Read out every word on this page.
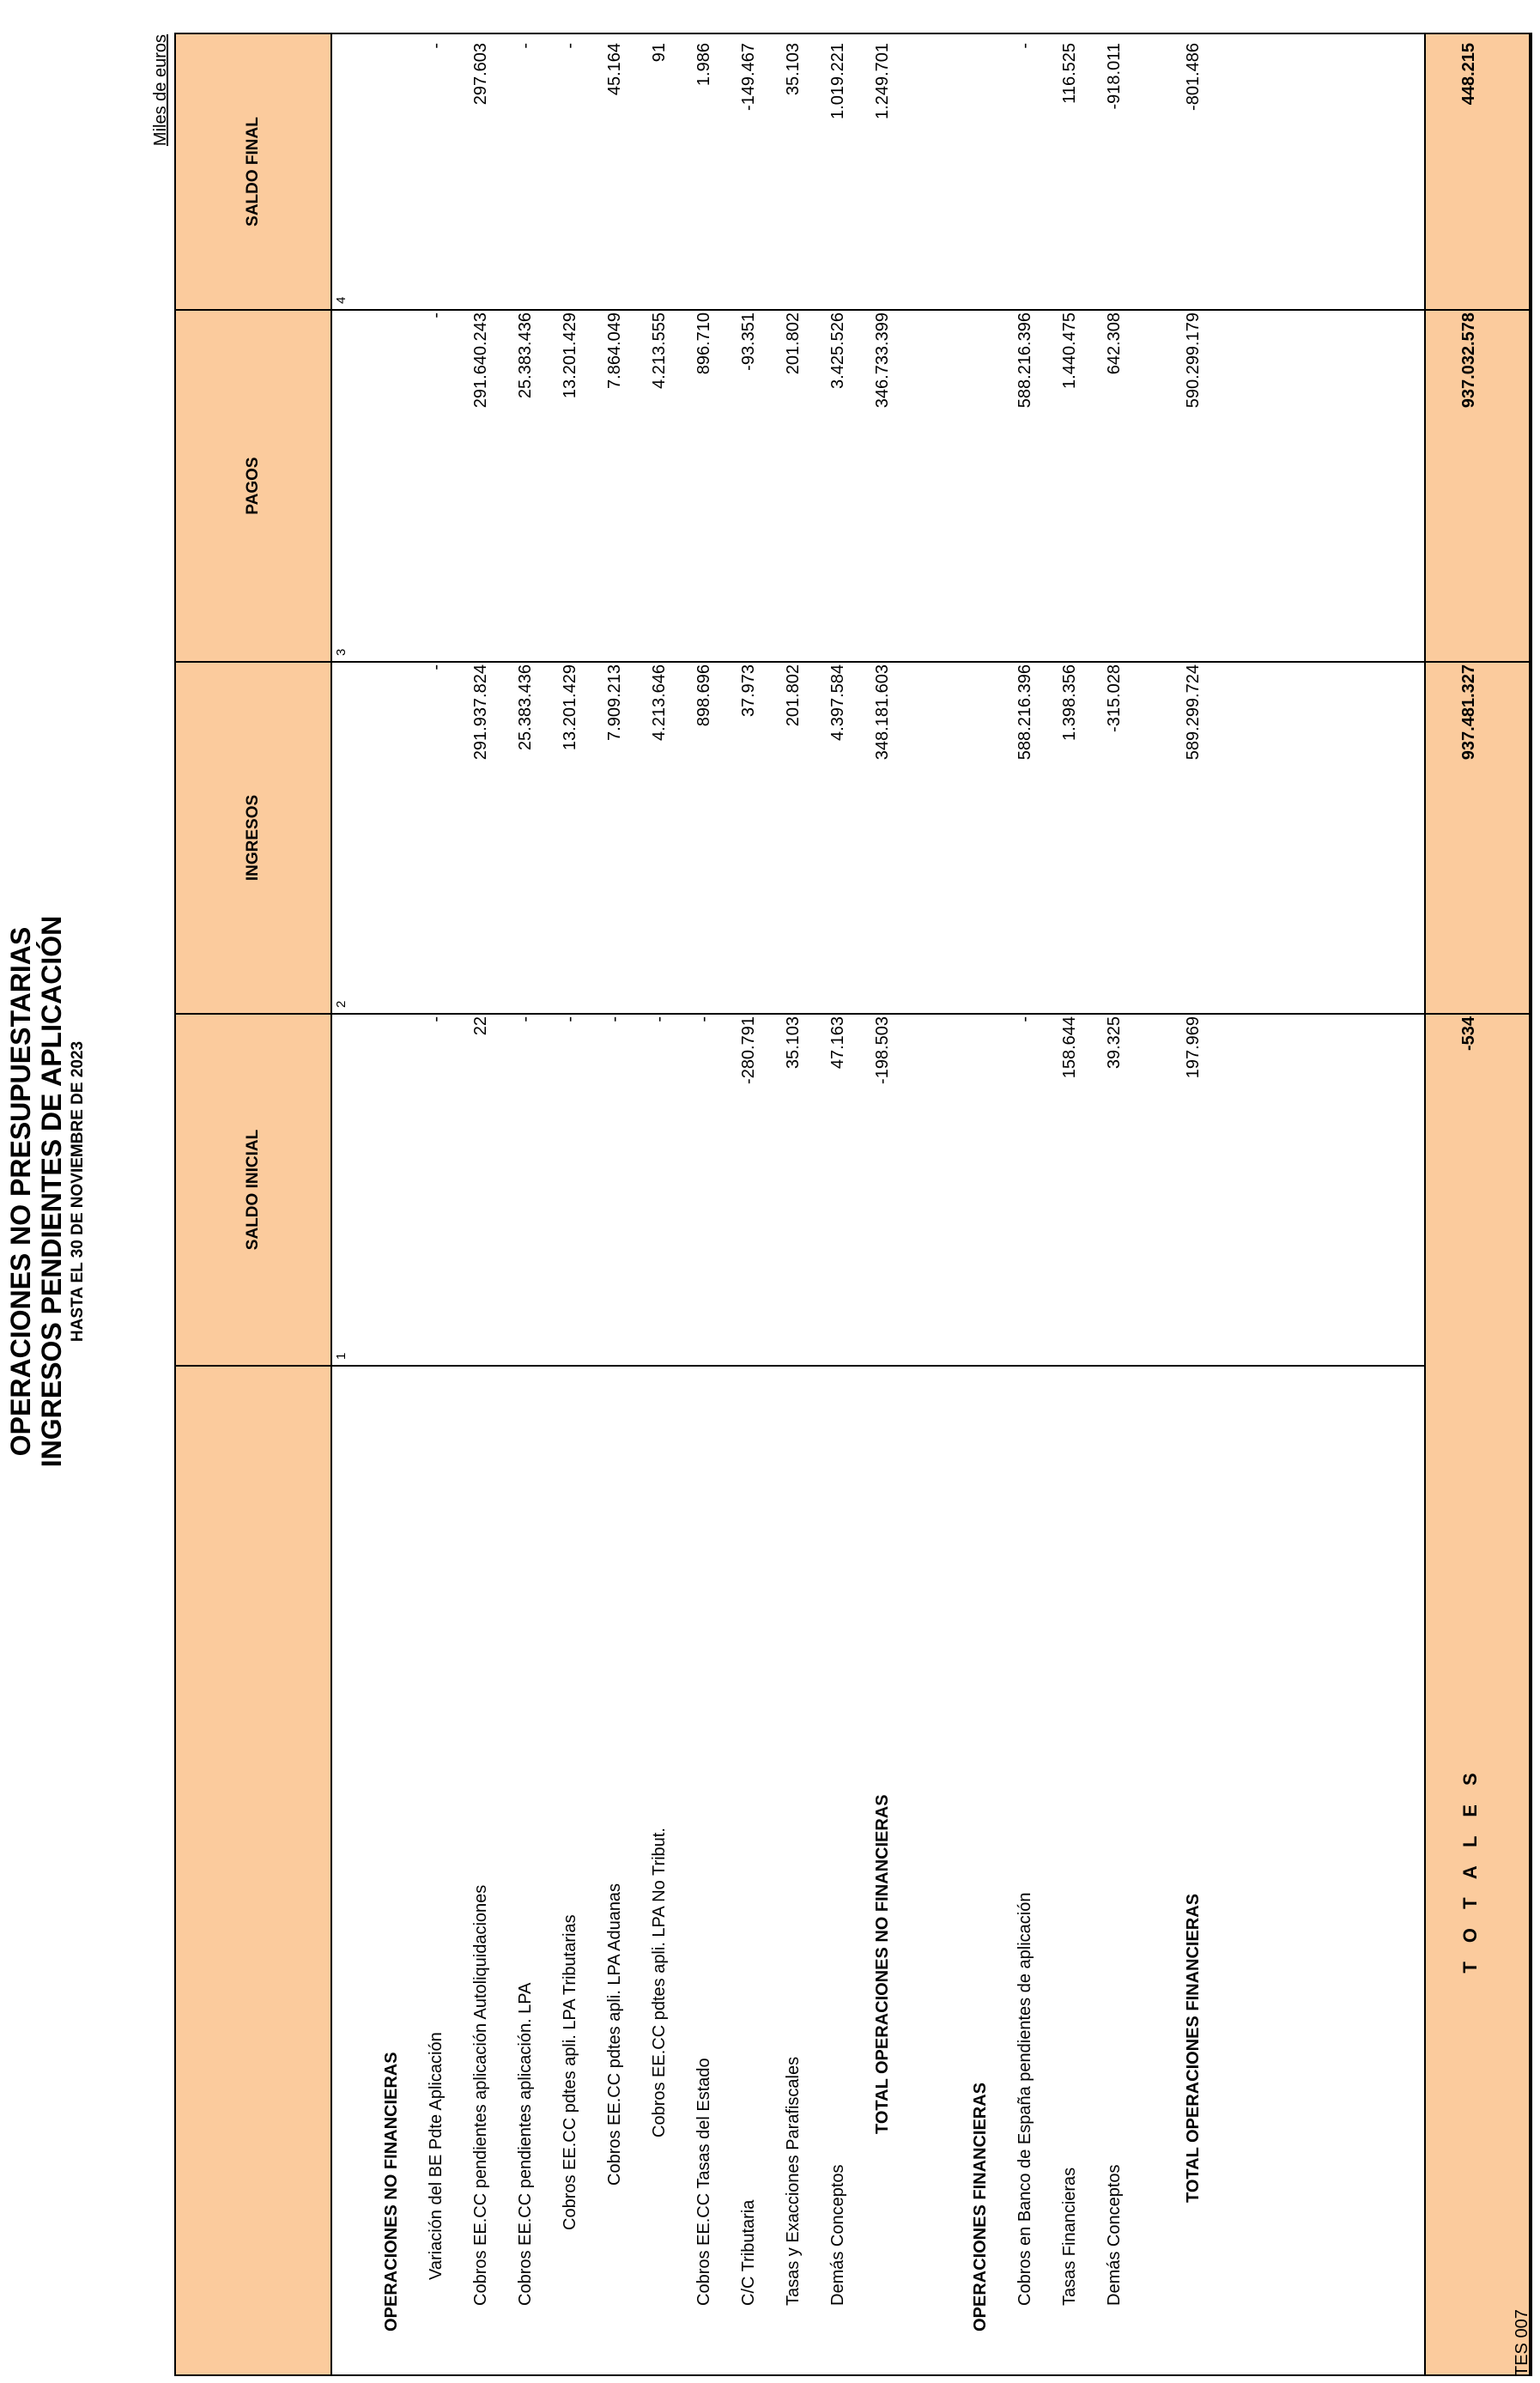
OPERACIONES NO PRESUPUESTARIAS INGRESOS PENDIENTES DE APLICACIÓN HASTA EL 30 DE NOVIEMBRE DE 2023
Miles de euros
SALDO INICIAL
1
INGRESOS
2
PAGOS
3
SALDO FINAL
4
OPERACIONES NO FINANCIERAS Variación del BE Pdte Aplicación
-
-
-
-
Cobros EE.CC pendientes aplicación Autoliquidaciones
22
291.937.824
291.640.243
297.603
Cobros EE.CC pendientes aplicación. LPA
-
25.383.436
25.383.436
-
Cobros EE.CC pdtes apli. LPA Tributarias
-
13.201.429
13.201.429
-
Cobros EE.CC pdtes apli. LPA Aduanas
-
7.909.213
7.864.049
45.164
Cobros EE.CC pdtes apli. LPA No Tribut.
-
4.213.646
4.213.555
91
Cobros EE.CC Tasas del Estado
-
898.696
896.710
1.986
C/C Tributaria
-280.791
37.973
-93.351
-149.467
Tasas y Exacciones Parafiscales
35.103
201.802
201.802
35.103
Demás Conceptos
47.163
4.397.584
3.425.526
1.019.221
TOTAL OPERACIONES NO FINANCIERAS
-198.503
348.181.603
346.733.399
1.249.701
OPERACIONES FINANCIERAS Cobros en Banco de España pendientes de aplicación
-
588.216.396
588.216.396
-
Tasas Financieras
158.644
1.398.356
1.440.475
116.525
Demás Conceptos
39.325
-315.028
642.308
-918.011
TOTAL OPERACIONES FINANCIERAS
197.969
589.299.724
590.299.179
-801.486
-534
937.481.327
937.032.578
448.215
T O T A L E S
TES 007
